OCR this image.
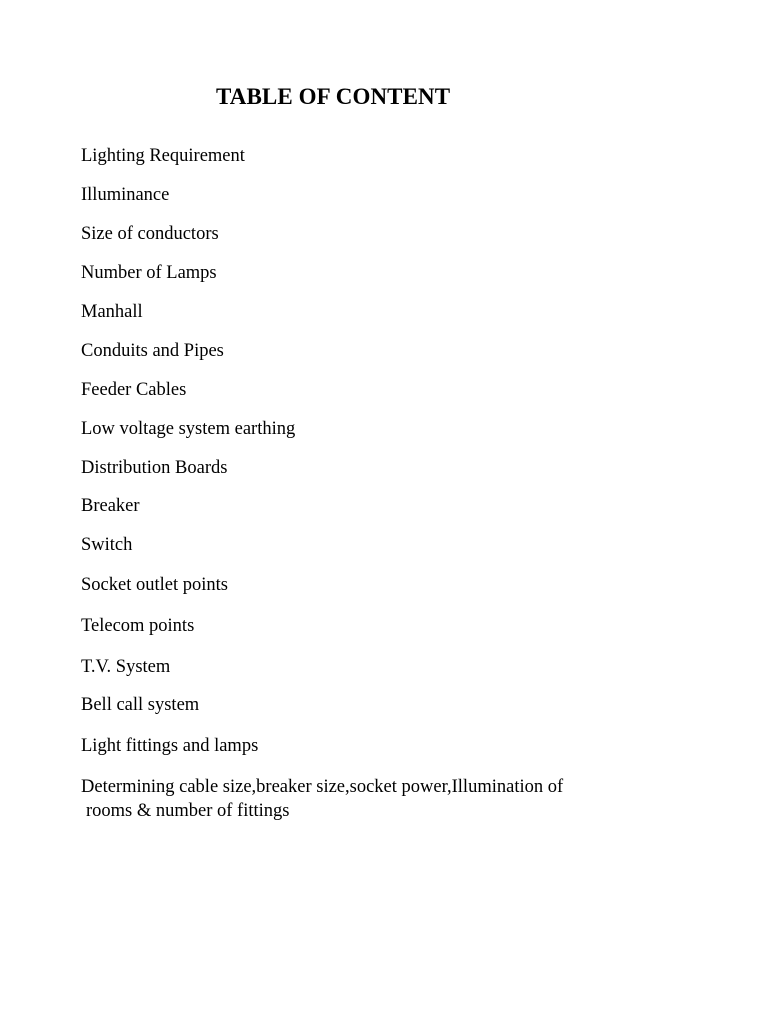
TABLE OF CONTENT
Lighting Requirement
Illuminance
Size of conductors
Number of Lamps
Manhall
Conduits and Pipes
Feeder Cables
Low voltage system earthing
Distribution Boards
Breaker
Switch
Socket outlet points
Telecom points
T.V. System
Bell call system
Light fittings and lamps
Determining cable size,breaker size,socket power,Illumination of
rooms & number of fittings
